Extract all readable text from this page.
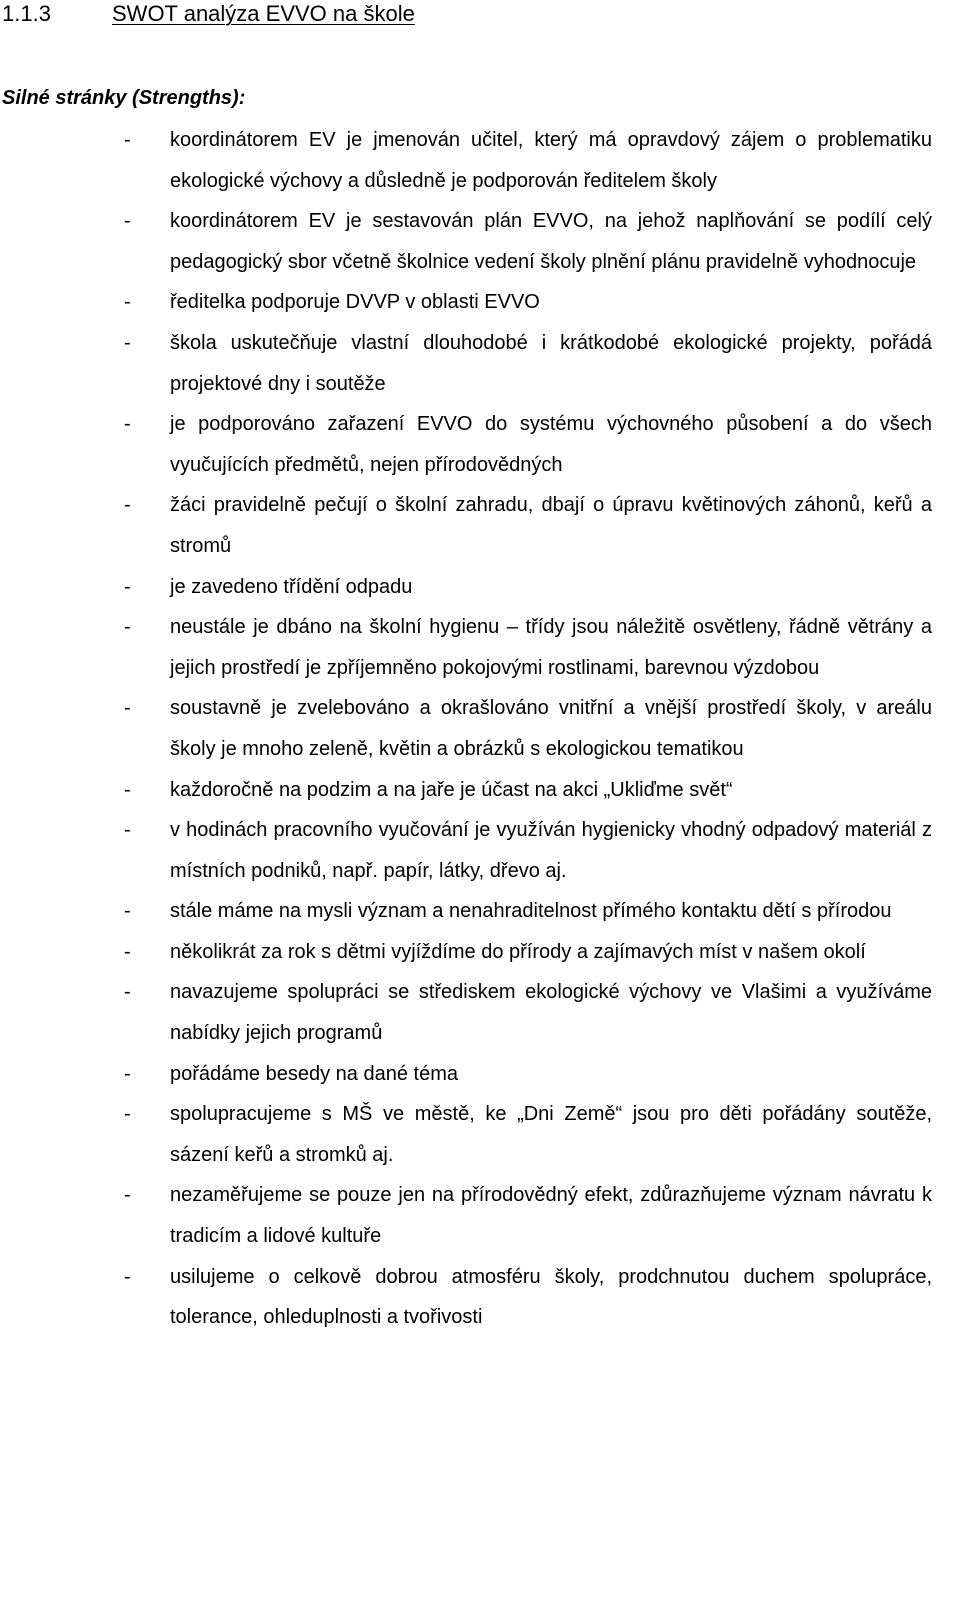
1.1.3	SWOT analýza EVVO na škole
Silné stránky (Strengths):
- koordinátorem EV je jmenován učitel, který má opravdový zájem o problematiku ekologické výchovy a důsledně je podporován ředitelem školy
- koordinátorem EV je sestavován plán EVVO, na jehož naplňování se podílí celý pedagogický sbor včetně školnice vedení školy plnění plánu pravidelně vyhodnocuje
- ředitelka podporuje DVVP v oblasti EVVO
- škola uskutečňuje vlastní dlouhodobé i krátkodobé ekologické projekty, pořádá projektové dny i soutěže
- je podporováno zařazení EVVO do systému výchovného působení a do všech vyučujících předmětů, nejen přírodovědných
- žáci pravidelně pečují o školní zahradu, dbají o úpravu květinových záhonů, keřů a stromů
- je zavedeno třídění odpadu
- neustále je dbáno na školní hygienu – třídy jsou náležitě osvětleny, řádně větrány a jejich prostředí je zpříjemněno pokojovými rostlinami, barevnou výzdobou
- soustavně je zvelebováno a okrašlováno vnitřní a vnější prostředí školy, v areálu školy je mnoho zeleně, květin a obrázků s ekologickou tematikou
- každoročně na podzim a na jaře je účast na akci „Ukliďme svět“
- v hodinách pracovního vyučování je využíván hygienicky vhodný odpadový materiál z místních podniků, např. papír, látky, dřevo aj.
- stále máme na mysli význam a nenahraditelnost přímého kontaktu dětí s přírodou
- několikrát za rok s dětmi vyjíždíme do přírody a zajímavých míst v našem okolí
- navazujeme spolupráci se střediskem ekologické výchovy ve Vlašimi a využíváme nabídky jejich programů
- pořádáme besedy na dané téma
- spolupracujeme s MŠ ve městě, ke „Dni Země“ jsou pro děti pořádány soutěže, sázení keřů a stromků aj.
- nezaměřujeme se pouze jen na přírodovědný efekt, zdůrazňujeme význam návratu k tradicím a lidové kultuře
- usilujeme o celkově dobrou atmosféru školy, prodchnutou duchem spolupráce, tolerance, ohleduplnosti a tvořivosti
